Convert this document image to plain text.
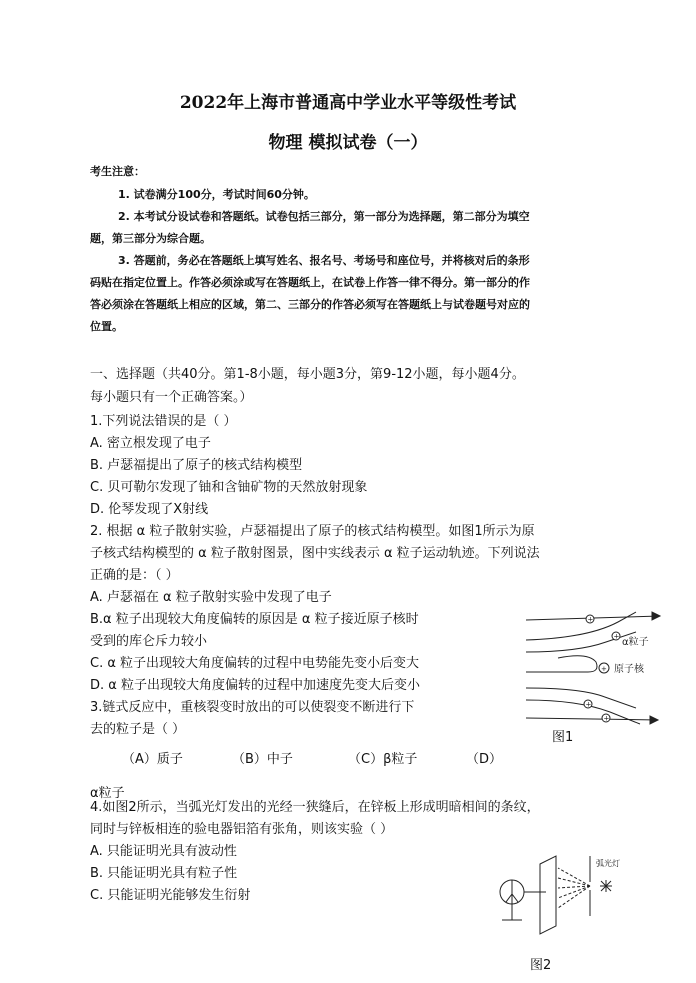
2022年上海市普通高中学业水平等级性考试
物理 模拟试卷（一）
考生注意：
1. 试卷满分100分，考试时间60分钟。
2. 本考试分设试卷和答题纸。试卷包括三部分，第一部分为选择题，第二部分为填空
题，第三部分为综合题。
3. 答题前，务必在答题纸上填写姓名、报名号、考场号和座位号，并将核对后的条形
码贴在指定位置上。作答必须涂或写在答题纸上，在试卷上作答一律不得分。第一部分的作
答必须涂在答题纸上相应的区域，第二、三部分的作答必须写在答题纸上与试卷题号对应的
位置。
一、选择题（共40分。第1-8小题，每小题3分，第9-12小题，每小题4分。
每小题只有一个正确答案。）
1.下列说法错误的是（ ）
A. 密立根发现了电子
B. 卢瑟福提出了原子的核式结构模型
C. 贝可勒尔发现了铀和含铀矿物的天然放射现象
D. 伦琴发现了X射线
2. 根据 α 粒子散射实验，卢瑟福提出了原子的核式结构模型。如图1所示为原
子核式结构模型的 α 粒子散射图景，图中实线表示 α 粒子运动轨迹。下列说法
正确的是：（ ）
A. 卢瑟福在 α 粒子散射实验中发现了电子
B.α 粒子出现较大角度偏转的原因是 α 粒子接近原子核时
受到的库仑斥力较小
C. α 粒子出现较大角度偏转的过程中电势能先变小后变大
D. α 粒子出现较大角度偏转的过程中加速度先变大后变小
3.链式反应中，重核裂变时放出的可以使裂变不断进行下
去的粒子是（ ）
（A）质子	（B）中子	（C）β粒子	（D）
α粒子
+
+
+
+
+
α粒子
原子核
图1
4.如图2所示，当弧光灯发出的光经一狭缝后，在锌板上形成明暗相间的条纹，
同时与锌板相连的验电器铝箔有张角，则该实验（ ）
A. 只能证明光具有波动性
B. 只能证明光具有粒子性
C. 只能证明光能够发生衍射
弧光灯
图2
